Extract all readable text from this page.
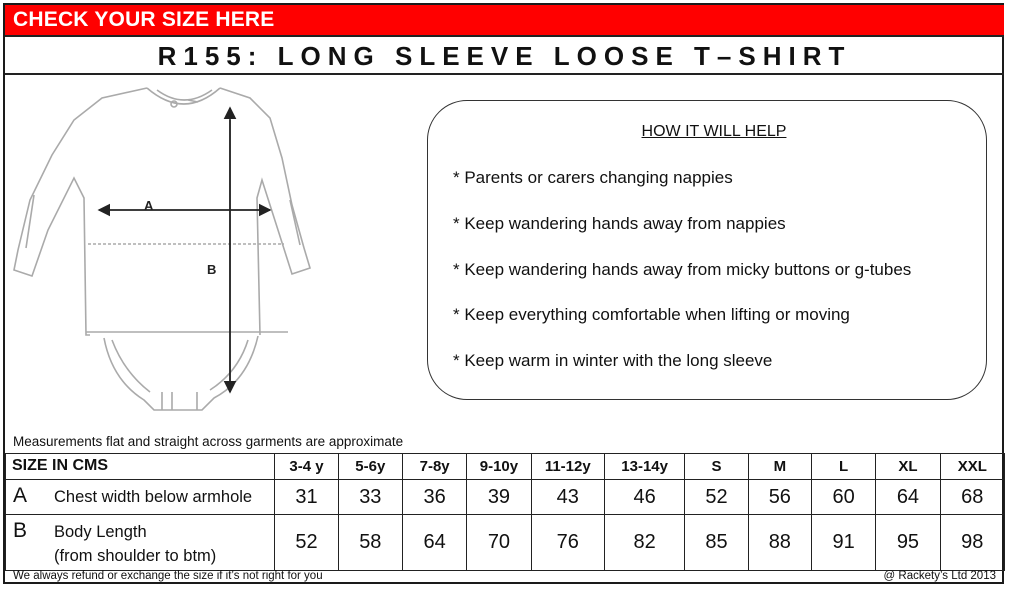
CHECK YOUR SIZE HERE
R155: LONG SLEEVE LOOSE T–SHIRT
A
B
HOW IT WILL HELP
* Parents or carers changing nappies
* Keep wandering hands away from nappies
* Keep wandering hands away from micky buttons or g-tubes
* Keep everything comfortable when lifting or moving
* Keep warm in winter with the long sleeve
Measurements flat and straight across garments are approximate
SIZE IN CMS	3-4 y	5-6y	7-8y	9-10y	11-12y	13-14y	S	M	L	XL	XXL

A Chest width below armhole	31	33	36	39	43	46	52	56	60	64	68

B Body Length
(from shoulder to btm)	52	58	64	70	76	82	85	88	91	95	98
We always refund or exchange the size if it’s not right for you	@ Rackety’s Ltd 2013
